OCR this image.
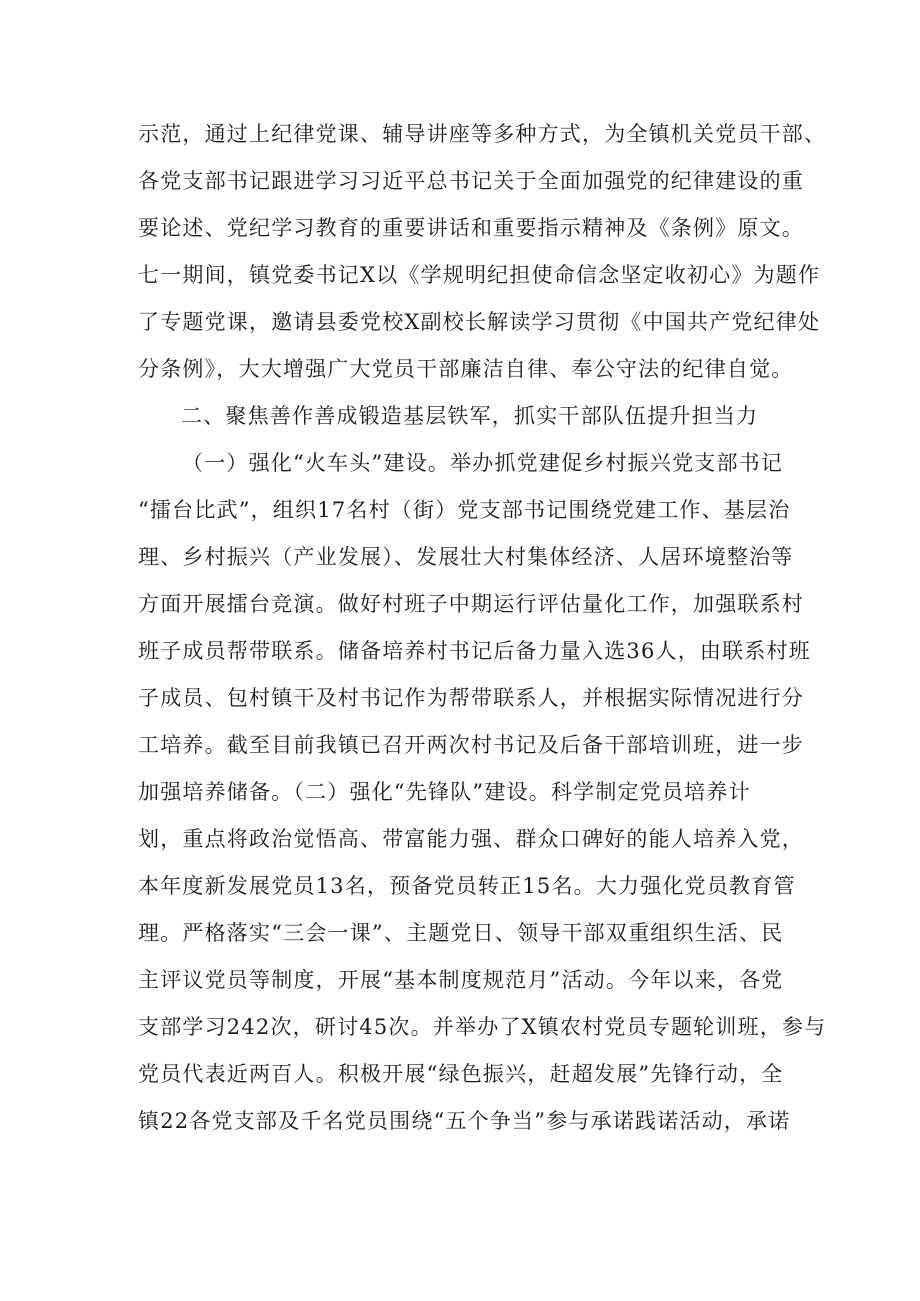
示范，通过上纪律党课、辅导讲座等多种方式，为全镇机关党员干部、
各党支部书记跟进学习习近平总书记关于全面加强党的纪律建设的重
要论述、党纪学习教育的重要讲话和重要指示精神及《条例》原文。
七一期间，镇党委书记X以《学规明纪担使命信念坚定收初心》为题作
了专题党课，邀请县委党校X副校长解读学习贯彻《中国共产党纪律处
分条例》，大大增强广大党员干部廉洁自律、奉公守法的纪律自觉。
二、聚焦善作善成锻造基层铁军，抓实干部队伍提升担当力
（一）强化“火车头”建设。举办抓党建促乡村振兴党支部书记
“擂台比武”，组织17名村（街）党支部书记围绕党建工作、基层治
理、乡村振兴（产业发展）、发展壮大村集体经济、人居环境整治等
方面开展擂台竞演。做好村班子中期运行评估量化工作，加强联系村
班子成员帮带联系。储备培养村书记后备力量入选36人，由联系村班
子成员、包村镇干及村书记作为帮带联系人，并根据实际情况进行分
工培养。截至目前我镇已召开两次村书记及后备干部培训班，进一步
加强培养储备。（二）强化“先锋队”建设。科学制定党员培养计
划，重点将政治觉悟高、带富能力强、群众口碑好的能人培养入党，
本年度新发展党员13名，预备党员转正15名。大力强化党员教育管
理。严格落实“三会一课”、主题党日、领导干部双重组织生活、民
主评议党员等制度，开展“基本制度规范月”活动。今年以来，各党
支部学习242次，研讨45次。并举办了X镇农村党员专题轮训班，参与
党员代表近两百人。积极开展“绿色振兴，赶超发展”先锋行动，全
镇22各党支部及千名党员围绕“五个争当”参与承诺践诺活动，承诺
